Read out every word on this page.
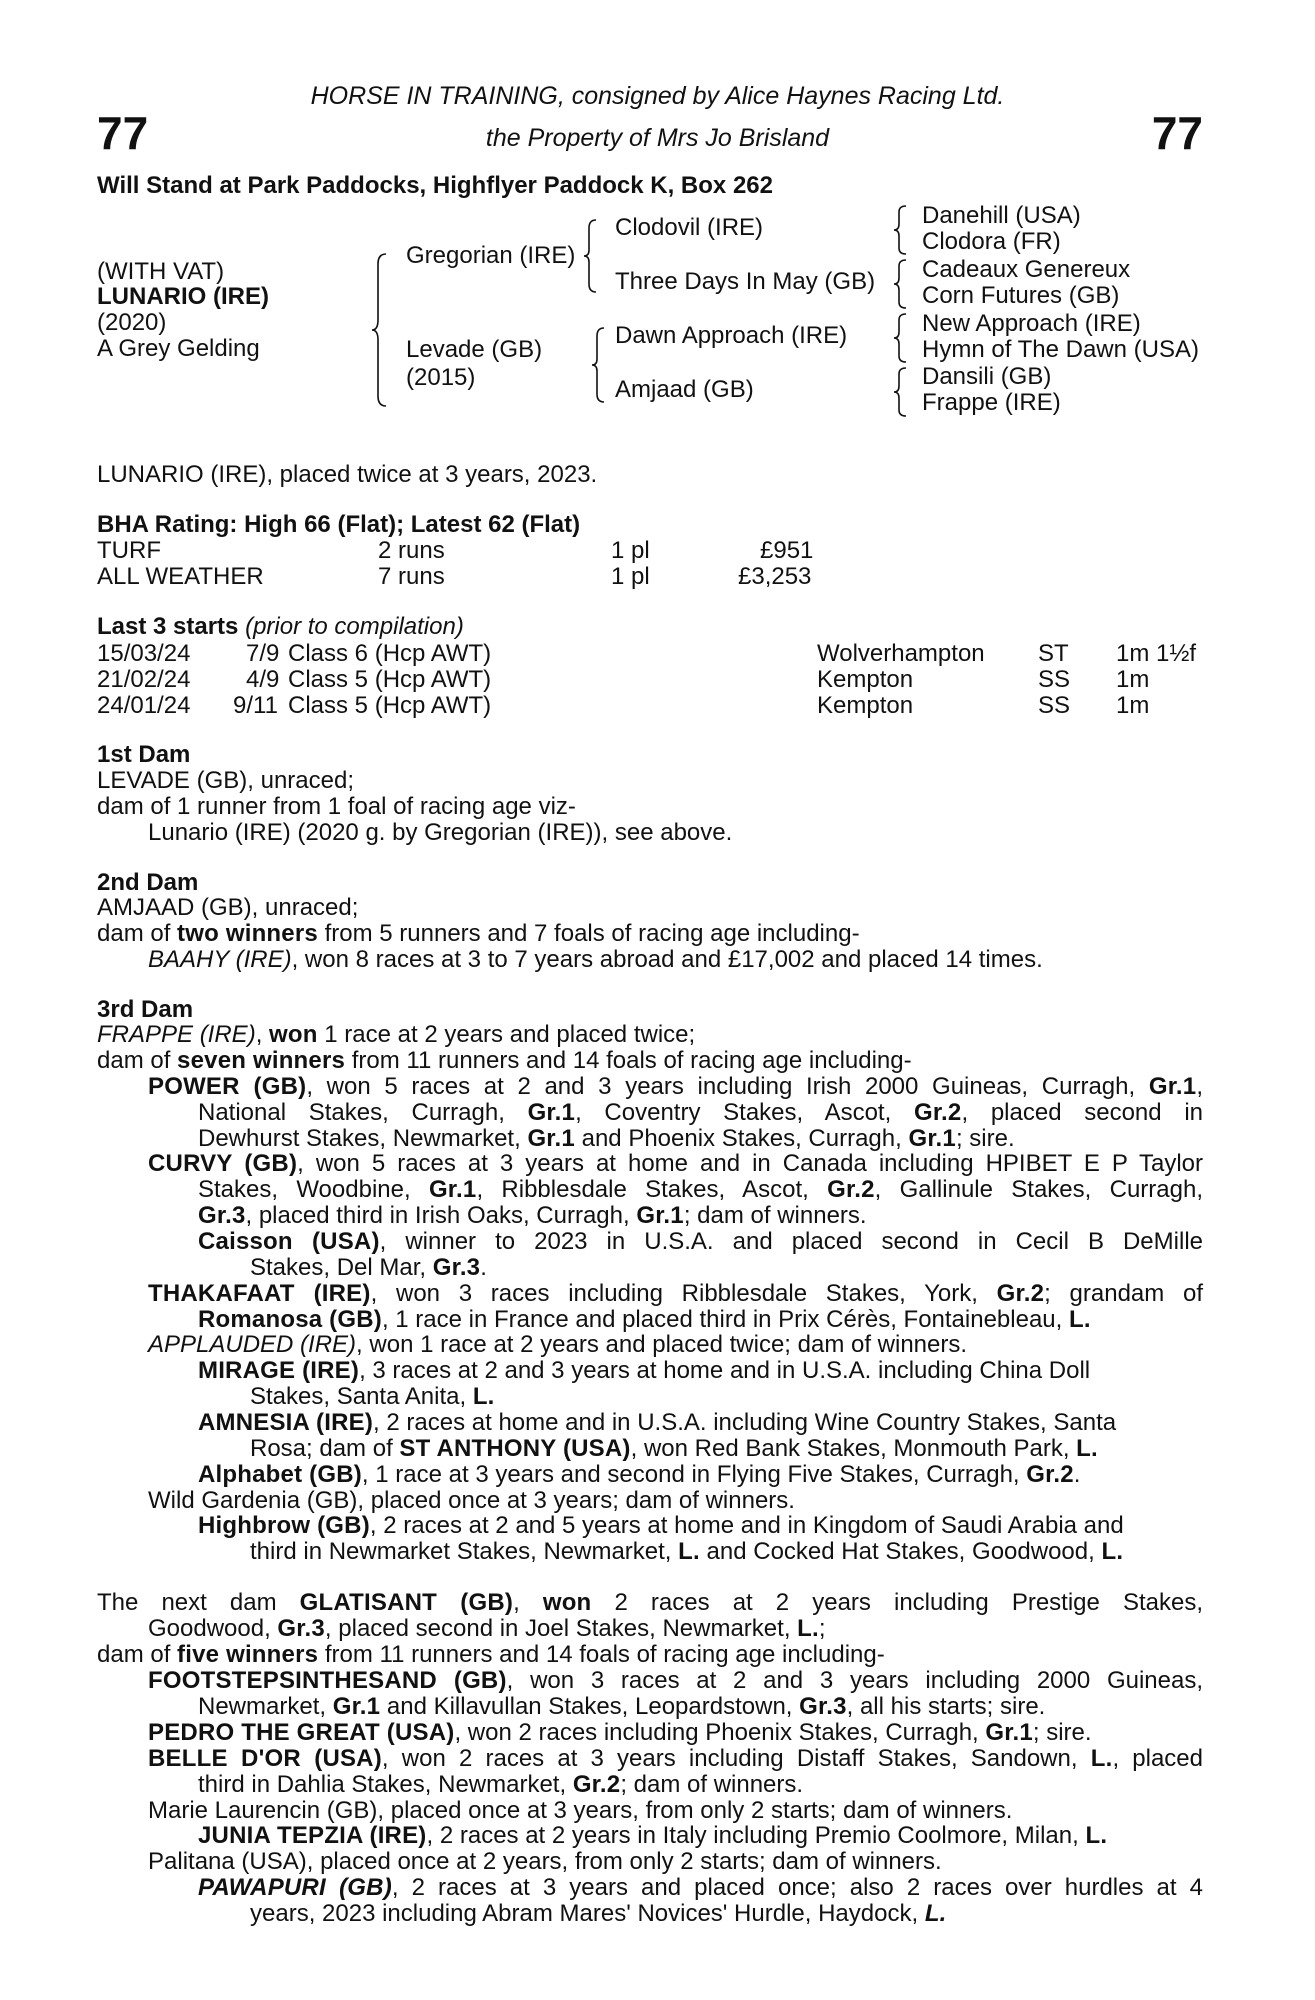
77	77
HORSE IN TRAINING, consigned by Alice Haynes Racing Ltd.
the Property of Mrs Jo Brisland
Will Stand at Park Paddocks, Highflyer Paddock K, Box 262
(WITH VAT)
LUNARIO (IRE)
(2020)
A Grey Gelding
Gregorian (IRE)
Levade (GB)
(2015)
Clodovil (IRE)
Three Days In May (GB)
Dawn Approach (IRE)
Amjaad (GB)
Danehill (USA)
Clodora (FR)
Cadeaux Genereux
Corn Futures (GB)
New Approach (IRE)
Hymn of The Dawn (USA)
Dansili (GB)
Frappe (IRE)
LUNARIO (IRE), placed twice at 3 years, 2023.
BHA Rating: High 66 (Flat); Latest 62 (Flat)
TURF	2 runs	1 pl	£951
ALL WEATHER	7 runs	1 pl	£3,253
Last 3 starts (prior to compilation)
15/03/24 7/9 Class 6 (Hcp AWT)	Wolverhampton ST 1m 1½f
21/02/24 4/9 Class 5 (Hcp AWT)	Kempton	SS 1m
24/01/24 9/11 Class 5 (Hcp AWT)	Kempton	SS 1m
1st Dam
LEVADE (GB), unraced;
dam of 1 runner from 1 foal of racing age viz-
Lunario (IRE) (2020 g. by Gregorian (IRE)), see above.
2nd Dam
AMJAAD (GB), unraced;
dam of two winners from 5 runners and 7 foals of racing age including-
BAAHY (IRE), won 8 races at 3 to 7 years abroad and £17,002 and placed 14 times.
3rd Dam
FRAPPE (IRE), won 1 race at 2 years and placed twice;
dam of seven winners from 11 runners and 14 foals of racing age including-
POWER (GB), won 5 races at 2 and 3 years including Irish 2000 Guineas, Curragh, Gr.1,
National Stakes, Curragh, Gr.1, Coventry Stakes, Ascot, Gr.2, placed second in
Dewhurst Stakes, Newmarket, Gr.1 and Phoenix Stakes, Curragh, Gr.1; sire.
CURVY (GB), won 5 races at 3 years at home and in Canada including HPIBET E P Taylor
Stakes, Woodbine, Gr.1, Ribblesdale Stakes, Ascot, Gr.2, Gallinule Stakes, Curragh,
Gr.3, placed third in Irish Oaks, Curragh, Gr.1; dam of winners.
Caisson (USA), winner to 2023 in U.S.A. and placed second in Cecil B DeMille
Stakes, Del Mar, Gr.3.
THAKAFAAT (IRE), won 3 races including Ribblesdale Stakes, York, Gr.2; grandam of
Romanosa (GB), 1 race in France and placed third in Prix Cérès, Fontainebleau, L.
APPLAUDED (IRE), won 1 race at 2 years and placed twice; dam of winners.
MIRAGE (IRE), 3 races at 2 and 3 years at home and in U.S.A. including China Doll
Stakes, Santa Anita, L.
AMNESIA (IRE), 2 races at home and in U.S.A. including Wine Country Stakes, Santa
Rosa; dam of ST ANTHONY (USA), won Red Bank Stakes, Monmouth Park, L.
Alphabet (GB), 1 race at 3 years and second in Flying Five Stakes, Curragh, Gr.2.
Wild Gardenia (GB), placed once at 3 years; dam of winners.
Highbrow (GB), 2 races at 2 and 5 years at home and in Kingdom of Saudi Arabia and
third in Newmarket Stakes, Newmarket, L. and Cocked Hat Stakes, Goodwood, L.
The next dam GLATISANT (GB), won 2 races at 2 years including Prestige Stakes,
Goodwood, Gr.3, placed second in Joel Stakes, Newmarket, L.;
dam of five winners from 11 runners and 14 foals of racing age including-
FOOTSTEPSINTHESAND (GB), won 3 races at 2 and 3 years including 2000 Guineas,
Newmarket, Gr.1 and Killavullan Stakes, Leopardstown, Gr.3, all his starts; sire.
PEDRO THE GREAT (USA), won 2 races including Phoenix Stakes, Curragh, Gr.1; sire.
BELLE D'OR (USA), won 2 races at 3 years including Distaff Stakes, Sandown, L., placed
third in Dahlia Stakes, Newmarket, Gr.2; dam of winners.
Marie Laurencin (GB), placed once at 3 years, from only 2 starts; dam of winners.
JUNIA TEPZIA (IRE), 2 races at 2 years in Italy including Premio Coolmore, Milan, L.
Palitana (USA), placed once at 2 years, from only 2 starts; dam of winners.
PAWAPURI (GB), 2 races at 3 years and placed once; also 2 races over hurdles at 4
years, 2023 including Abram Mares' Novices' Hurdle, Haydock, L.
